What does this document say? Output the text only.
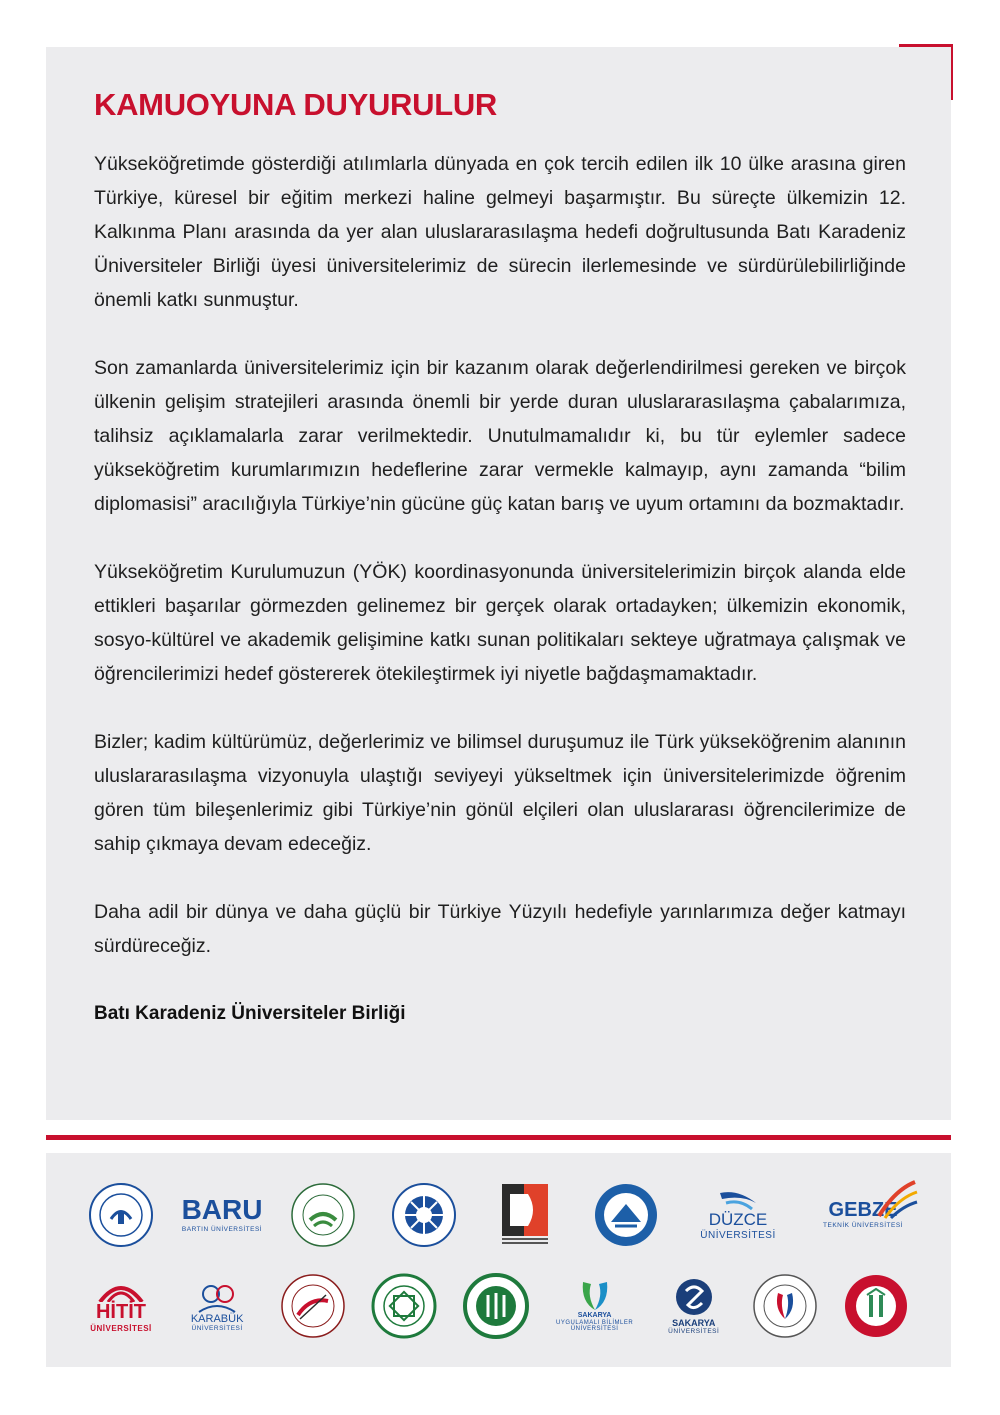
KAMUOYUNA DUYURULUR

Yükseköğretimde gösterdiği atılımlarla dünyada en çok tercih edilen ilk 10 ülke arasına giren Türkiye, küresel bir eğitim merkezi haline gelmeyi başarmıştır. Bu süreçte ülkemizin 12. Kalkınma Planı arasında da yer alan uluslararasılaşma hedefi doğrultusunda Batı Karadeniz Üniversiteler Birliği üyesi üniversitelerimiz de sürecin ilerlemesinde ve sürdürülebilirliğinde önemli katkı sunmuştur.

Son zamanlarda üniversitelerimiz için bir kazanım olarak değerlendirilmesi gereken ve birçok ülkenin gelişim stratejileri arasında önemli bir yerde duran uluslararasılaşma çabalarımıza, talihsiz açıklamalarla zarar verilmektedir. Unutulmamalıdır ki, bu tür eylemler sadece yükseköğretim kurumlarımızın hedeflerine zarar vermekle kalmayıp, aynı zamanda “bilim diplomasisi” aracılığıyla Türkiye’nin gücüne güç katan barış ve uyum ortamını da bozmaktadır.

Yükseköğretim Kurulumuzun (YÖK) koordinasyonunda üniversitelerimizin birçok alanda elde ettikleri başarılar görmezden gelinemez bir gerçek olarak ortadayken; ülkemizin ekonomik, sosyo-kültürel ve akademik gelişimine katkı sunan politikaları sekteye uğratmaya çalışmak ve öğrencilerimizi hedef göstererek ötekileştirmek iyi niyetle bağdaşmamaktadır.

Bizler; kadim kültürümüz, değerlerimiz ve bilimsel duruşumuz ile Türk yükseköğrenim alanının uluslararasılaşma vizyonuyla ulaştığı seviyeyi yükseltmek için üniversitelerimizde öğrenim gören tüm bileşenlerimiz gibi Türkiye’nin gönül elçileri olan uluslararası öğrencilerimize de sahip çıkmaya devam edeceğiz.

Daha adil bir dünya ve daha güçlü bir Türkiye Yüzyılı hedefiyle yarınlarımıza değer katmayı sürdüreceğiz.

Batı Karadeniz Üniversiteler Birliği

BARU
BARTIN ÜNİVERSİTESİ
DÜZCE
ÜNİVERSİTESİ
GEBZE
TEKNİK ÜNİVERSİTESİ
HİTİT
ÜNİVERSİTESİ
KARABÜK
ÜNİVERSİTESİ
SAKARYA
UYGULAMALI BİLİMLER ÜNİVERSİTESİ
SAKARYA
ÜNİVERSİTESİ
